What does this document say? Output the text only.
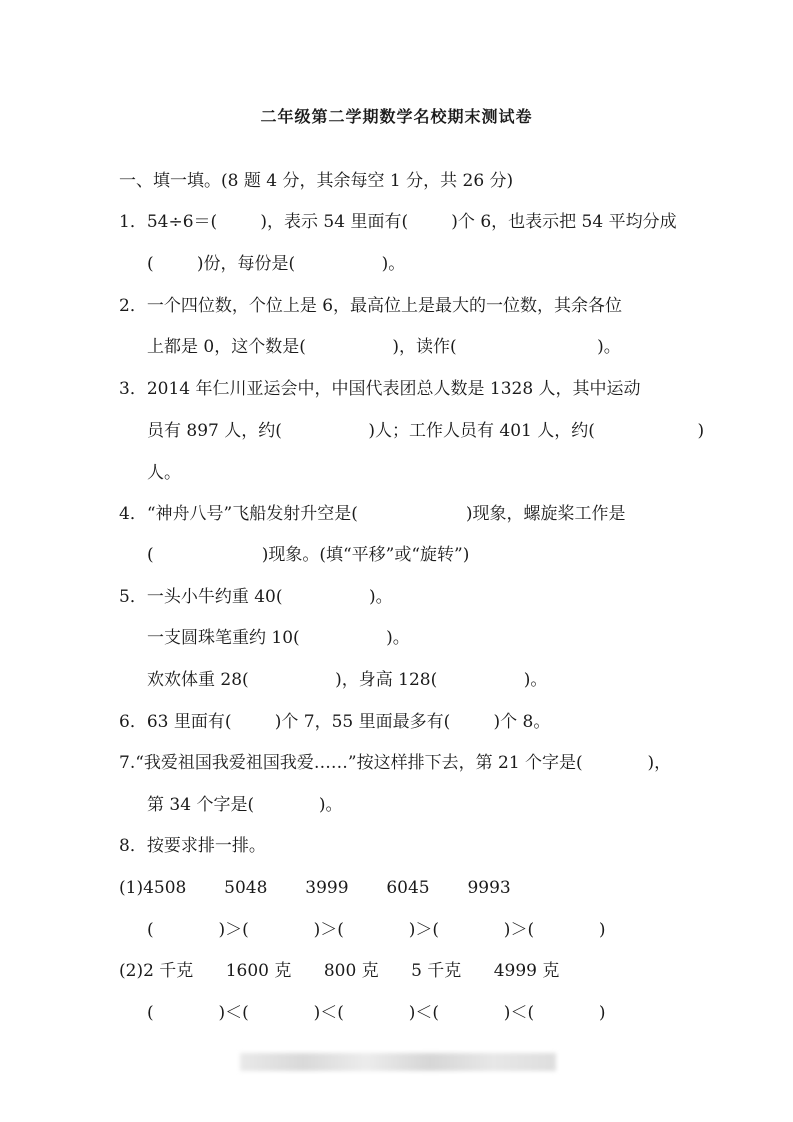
二年级第二学期数学名校期末测试卷
一、填一填。(8 题 4 分，其余每空 1 分，共 26 分)
1．54÷6＝(        )，表示 54 里面有(        )个 6，也表示把 54 平均分成
(        )份，每份是(                )。
2．一个四位数，个位上是 6，最高位上是最大的一位数，其余各位
上都是 0，这个数是(                )，读作(                          )。
3．2014 年仁川亚运会中，中国代表团总人数是 1328 人，其中运动
员有 897 人，约(                )人；工作人员有 401 人，约(                   )
人。
4．“神舟八号”飞船发射升空是(                    )现象，螺旋桨工作是
(                    )现象。(填“平移”或“旋转”)
5．一头小牛约重 40(                )。
一支圆珠笔重约 10(                )。
欢欢体重 28(                )，身高 128(                )。
6．63 里面有(        )个 7，55 里面最多有(        )个 8。
7.“我爱祖国我爱祖国我爱……”按这样排下去，第 21 个字是(            )，
第 34 个字是(            )。
8．按要求排一排。
(1)4508       5048       3999       6045       9993
(            )＞(            )＞(            )＞(            )＞(            )
(2)2 千克      1600 克      800 克      5 千克      4999 克
(            )＜(            )＜(            )＜(            )＜(            )
